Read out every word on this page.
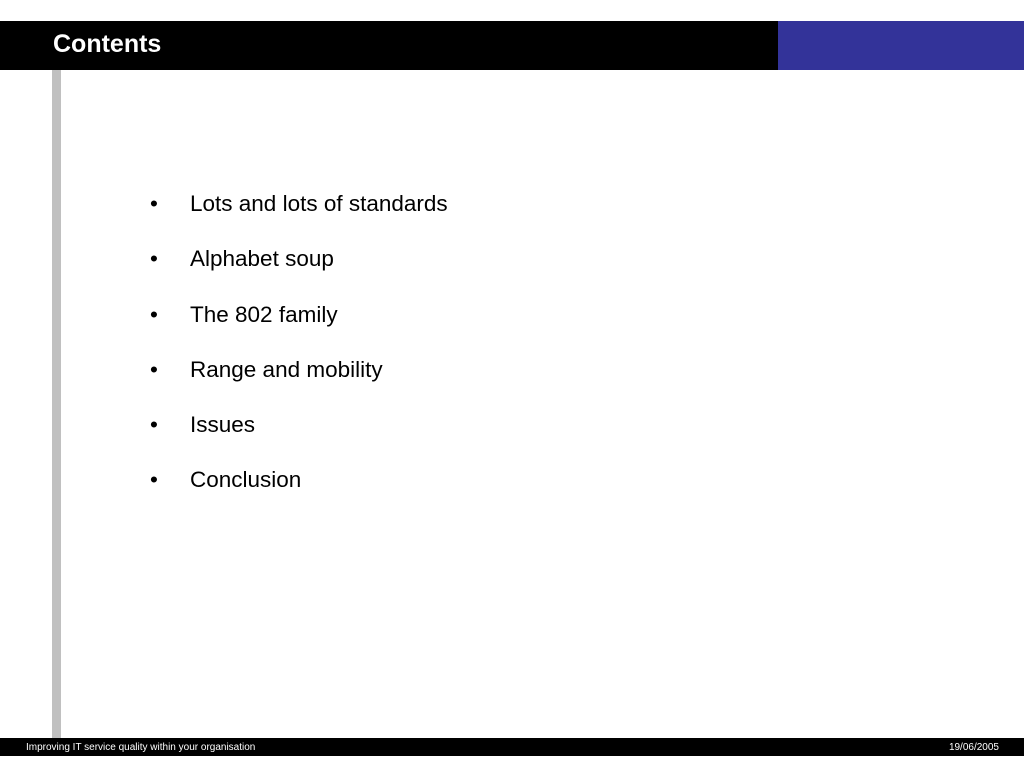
Contents
•	Lots and lots of standards
•	Alphabet soup
•	The 802 family
•	Range and mobility
•	Issues
•	Conclusion
Improving IT service quality within your organisation	19/06/2005
